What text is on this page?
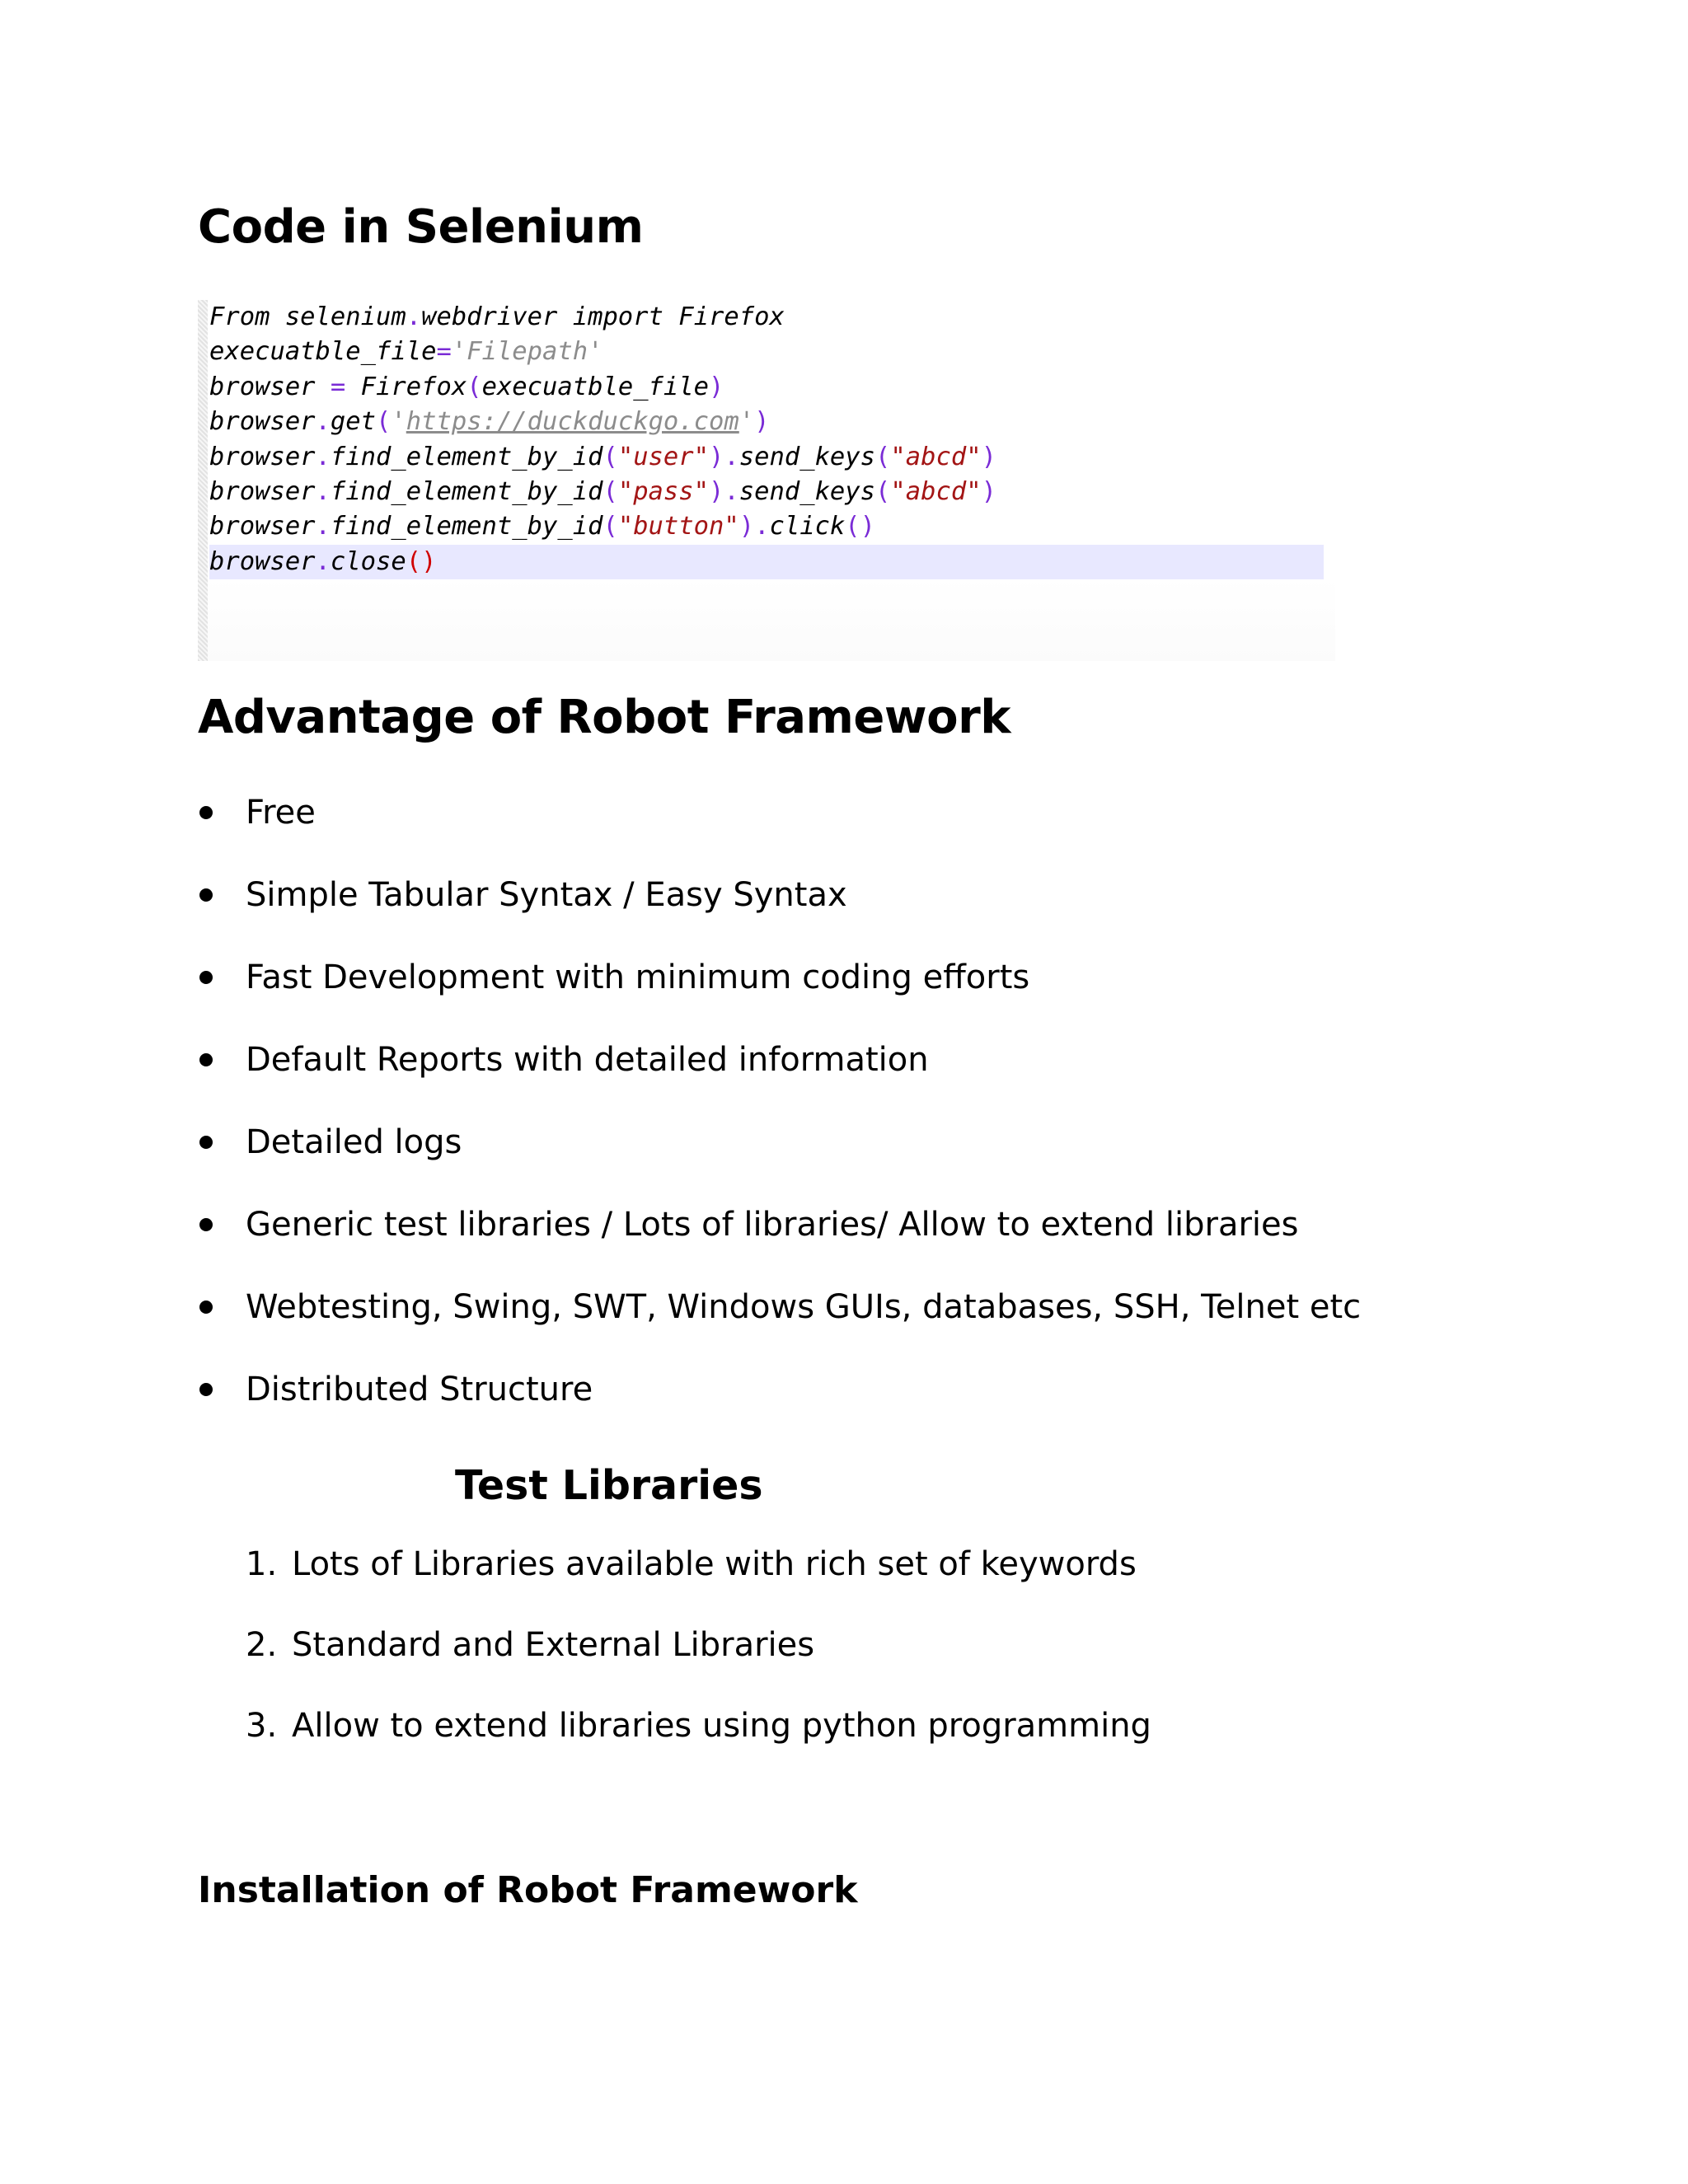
Code in Selenium
From selenium.webdriver import Firefox
execuatble_file='Filepath'
browser = Firefox(execuatble_file)
browser.get('https://duckduckgo.com')
browser.find_element_by_id("user").send_keys("abcd")
browser.find_element_by_id("pass").send_keys("abcd")
browser.find_element_by_id("button").click()
browser.close()
Advantage of Robot Framework
Free
Simple Tabular Syntax / Easy Syntax
Fast Development with minimum coding efforts
Default Reports with detailed information
Detailed logs
Generic test libraries / Lots of libraries/ Allow to extend libraries
Webtesting, Swing, SWT, Windows GUIs, databases, SSH, Telnet etc
Distributed Structure
Test Libraries
1. Lots of Libraries available with rich set of keywords
2. Standard and External Libraries
3. Allow to extend libraries using python programming
Installation of Robot Framework
